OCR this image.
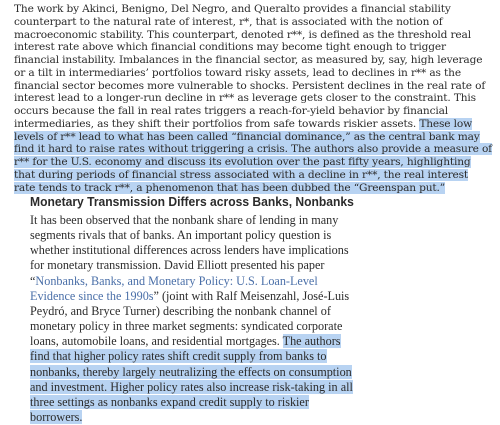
The work by Akinci, Benigno, Del Negro, and Queralto provides a financial stability counterpart to the natural rate of interest, r*, that is associated with the notion of macroeconomic stability. This counterpart, denoted r**, is defined as the threshold real interest rate above which financial conditions may become tight enough to trigger financial instability. Imbalances in the financial sector, as measured by, say, high leverage or a tilt in intermediaries’ portfolios toward risky assets, lead to declines in r** as the financial sector becomes more vulnerable to shocks. Persistent declines in the real rate of interest lead to a longer-run decline in r** as leverage gets closer to the constraint. This occurs because the fall in real rates triggers a reach-for-yield behavior by financial intermediaries, as they shift their portfolios from safe towards riskier assets. These low levels of r** lead to what has been called “financial dominance,” as the central bank may find it hard to raise rates without triggering a crisis. The authors also provide a measure of r** for the U.S. economy and discuss its evolution over the past fifty years, highlighting that during periods of financial stress associated with a decline in r**, the real interest rate tends to track r**, a phenomenon that has been dubbed the “Greenspan put.”

Monetary Transmission Differs across Banks, Nonbanks

It has been observed that the nonbank share of lending in many segments rivals that of banks. An important policy question is whether institutional differences across lenders have implications for monetary transmission. David Elliott presented his paper “Nonbanks, Banks, and Monetary Policy: U.S. Loan-Level Evidence since the 1990s” (joint with Ralf Meisenzahl, José-Luis Peydró, and Bryce Turner) describing the nonbank channel of monetary policy in three market segments: syndicated corporate loans, automobile loans, and residential mortgages. The authors find that higher policy rates shift credit supply from banks to nonbanks, thereby largely neutralizing the effects on consumption and investment. Higher policy rates also increase risk-taking in all three settings as nonbanks expand credit supply to riskier borrowers.
